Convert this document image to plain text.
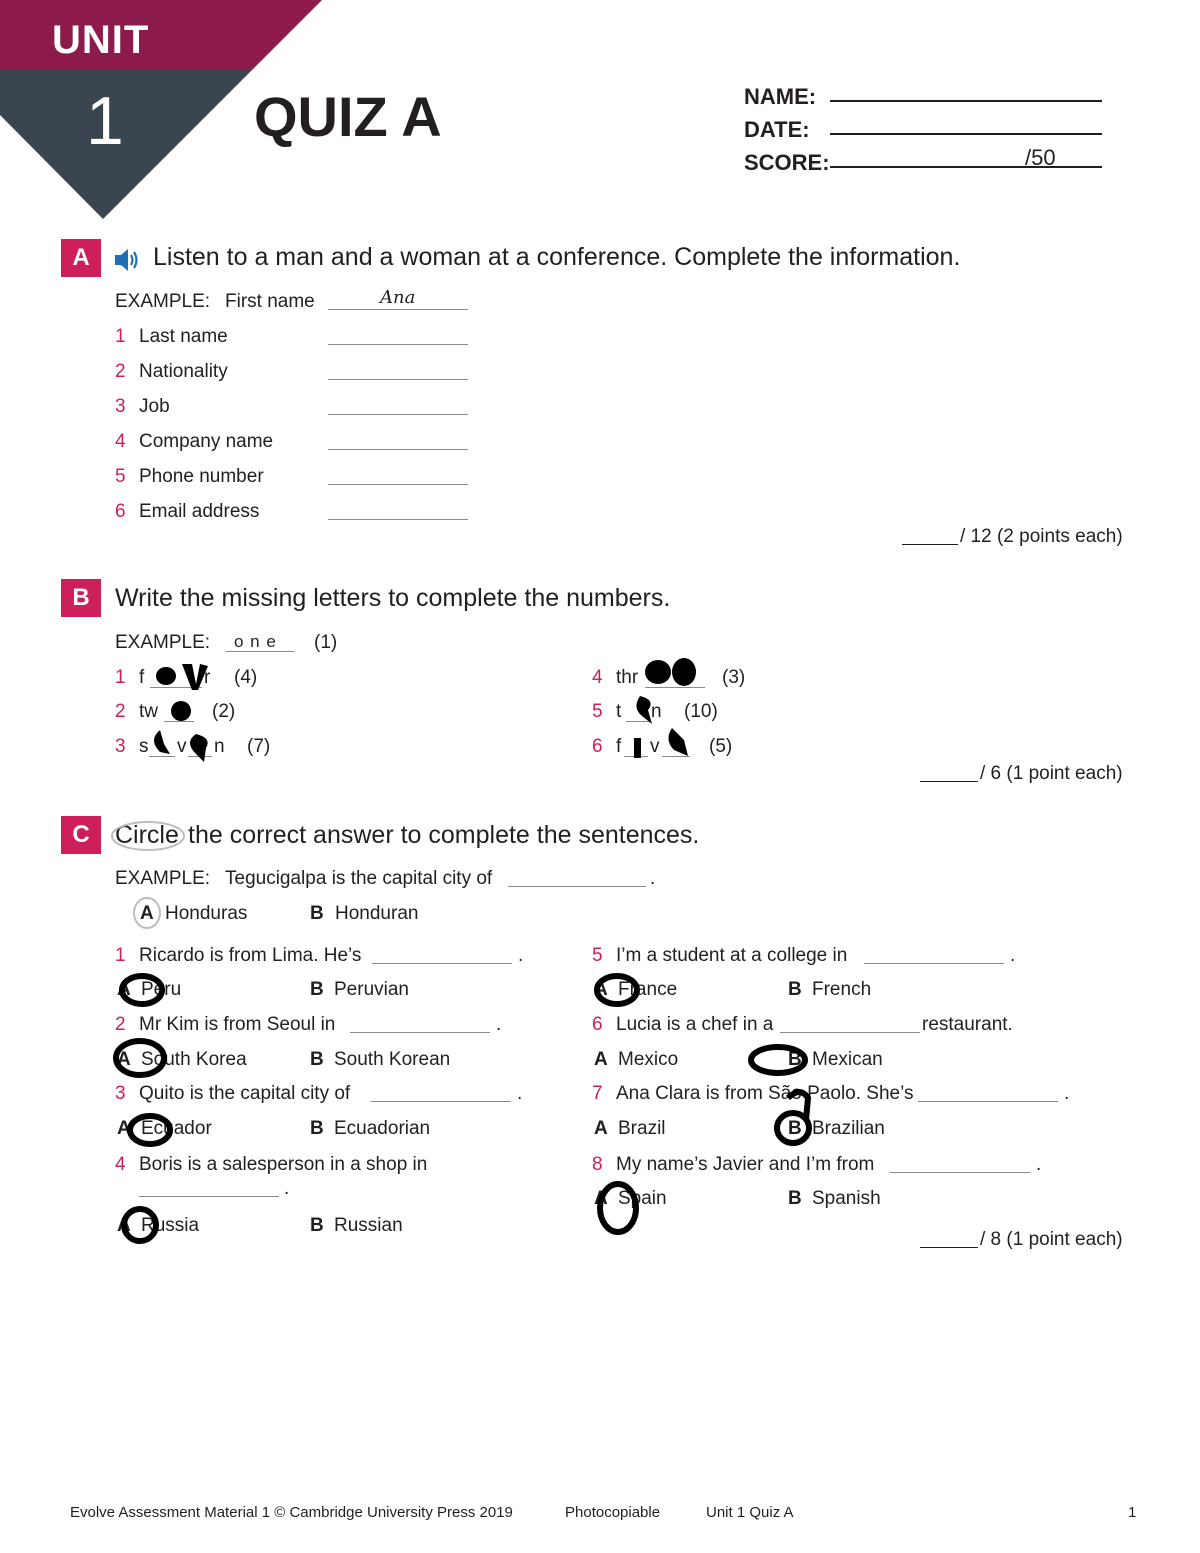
UNIT
1 QUIZ A	NAME:
DATE:
SCORE:	/50
A	Listen to a man and a woman at a conference. Complete the information.
EXAMPLE: First name	Ana
1 Last name
2 Nationality
3 Job
4 Company name
5 Phone number
6 Email address
/ 12 (2 points each)
B	Write the missing letters to complete the numbers.
EXAMPLE: o n e (1)
1 f	r (4)
2 tw	(2)
3 s v n (7)
4 thr	(3)
5 t n (10)
6 f v	(5)
/ 6 (1 point each)
C	Circle the correct answer to complete the sentences.
EXAMPLE: Tegucigalpa is the capital city of	.
A Honduras	B Honduran
1 Ricardo is from Lima. He’s	.
A Peru	B Peruvian
2 Mr Kim is from Seoul in	.
A South Korea	B South Korean
3 Quito is the capital city of	.
A Ecuador	B Ecuadorian
4 Boris is a salesperson in a shop in
.
A Russia	B Russian
5 I’m a student at a college in	.
A France	B French
6 Lucia is a chef in a	restaurant.
A Mexico	B Mexican
7 Ana Clara is from São Paolo. She’s	.
A Brazil	B Brazilian
8 My name’s Javier and I’m from	.
A Spain	B Spanish
/ 8 (1 point each)
Evolve Assessment Material 1 © Cambridge University Press 2019	Photocopiable	Unit 1 Quiz A	1
